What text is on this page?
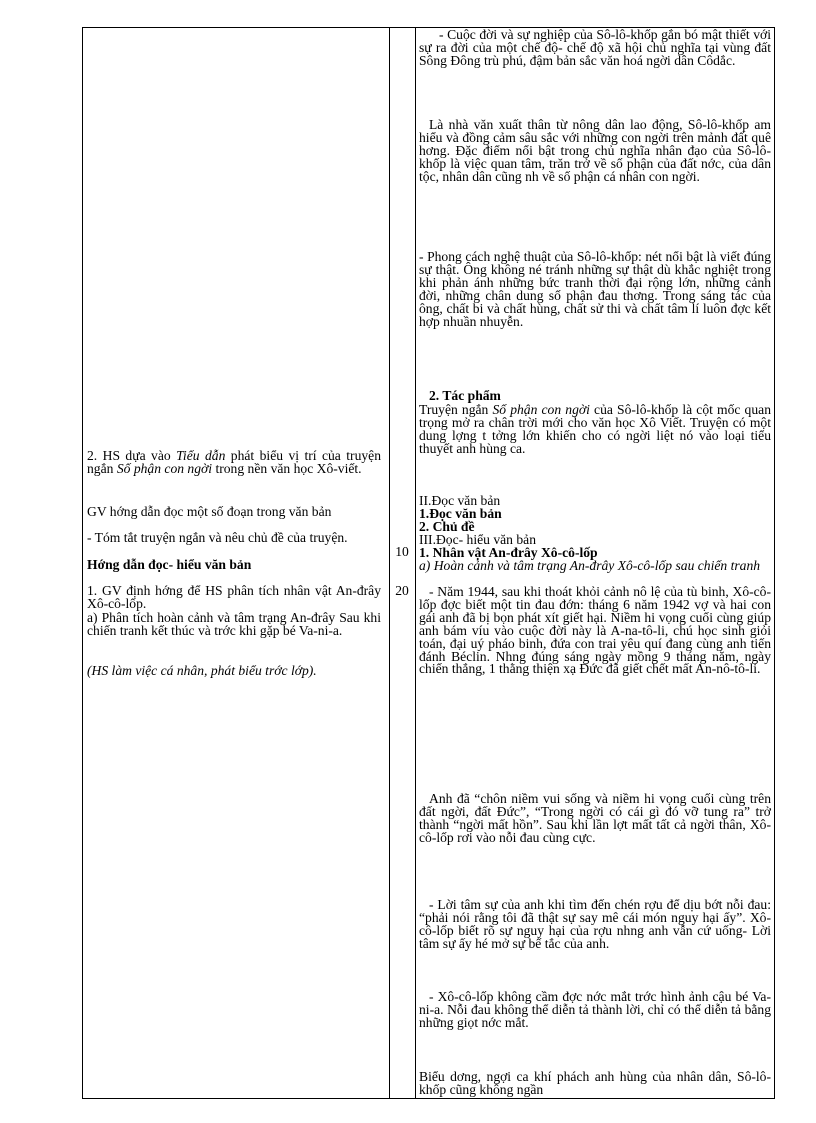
2. HS dựa vào Tiểu dẫn phát biểu vị trí của truyện ngắn Số phận con ngời trong nền văn học Xô-viết.

GV hớng dẫn đọc một số đoạn trong văn bản

- Tóm tắt truyện ngắn và nêu chủ đề của truyện.

Hớng dẫn đọc- hiểu văn bản

1. GV định hớng để HS phân tích nhân vật An-đrây Xô-cô-lốp.

a) Phân tích hoàn cảnh và tâm trạng An-đrây Sau khi chiến tranh kết thúc và trớc khi gặp bé Va-ni-a.

(HS làm việc cá nhân, phát biểu trớc lớp).

10

20

- Cuộc đời và sự nghiệp của Sô-lô-khốp gắn bó mật thiết với sự ra đời của một chế độ- chế độ xã hội chủ nghĩa tại vùng đất Sông Đông trù phú, đậm bản sắc văn hoá ngời dân Côdắc.

Là nhà văn xuất thân từ nông dân lao động, Sô-lô-khốp am hiểu và đồng cảm sâu sắc với những con ngời trên mảnh đất quê hơng. Đặc điểm nổi bật trong chủ nghĩa nhân đạo của Sô-lô-khốp là việc quan tâm, trăn trở về số phận của đất nớc, của dân tộc, nhân dân cũng nh về số phận cá nhân con ngời.

- Phong cách nghệ thuật của Sô-lô-khốp: nét nổi bật là viết đúng sự thật. Ông không né tránh những sự thật dù khắc nghiệt trong khi phản ánh những bức tranh thời đại rộng lớn, những cảnh đời, những chân dung số phận đau thơng. Trong sáng tác của ông, chất bi và chất hùng, chất sử thi và chất tâm lí luôn đợc kết hợp nhuần nhuyễn.

2. Tác phẩm

Truyện ngắn Số phận con ngời của Sô-lô-khốp là cột mốc quan trọng mở ra chân trời mới cho văn học Xô Viết. Truyện có một dung lợng t tởng lớn khiến cho có ngời liệt nó vào loại tiểu thuyết anh hùng ca.

II.Đọc văn bản

1.Đọc văn bản

2. Chủ đề

III.Đọc- hiểu văn bản

1. Nhân vật An-đrây Xô-cô-lốp

a) Hoàn cảnh và tâm trạng An-đrây Xô-cô-lốp sau chiến tranh

- Năm 1944, sau khi thoát khỏi cảnh nô lệ của tù binh, Xô-cô-lốp đợc biết một tin đau đớn: tháng 6 năm 1942 vợ và hai con gái anh đã bị bọn phát xít giết hại. Niềm hi vọng cuối cùng giúp anh bám víu vào cuộc đời này là A-na-tô-li, chú học sinh giỏi toán, đại uý pháo binh, đứa con trai yêu quí đang cùng anh tiến đánh Béclin. Nhng đúng sáng ngày mồng 9 tháng năm, ngày chiến thắng, 1 thằng thiện xạ Đức đã giết chết mất An-nô-tô-li.

Anh đã “chôn niềm vui sống và niềm hi vọng cuối cùng trên đất ngời, đất Đức”, “Trong ngời có cái gì đó vỡ tung ra” trở thành “ngời mất hồn”. Sau khi lần lợt mất tất cả ngời thân, Xô-cô-lốp rơi vào nỗi đau cùng cực.

- Lời tâm sự của anh khi tìm đến chén rợu để dịu bớt nỗi đau: “phải nói rằng tôi đã thật sự say mê cái món nguy hại ấy”. Xô-cô-lốp biết rõ sự nguy hại của rợu nhng anh vẫn cứ uống- Lời tâm sự ấy hé mở sự bế tắc của anh.

- Xô-cô-lốp không cầm đợc nớc mắt trớc hình ảnh cậu bé Va-ni-a. Nỗi đau không thể diễn tả thành lời, chỉ có thể diễn tả bằng những giọt nớc mắt.

Biểu dơng, ngợi ca khí phách anh hùng của nhân dân, Sô-lô-khốp cũng không ngần
